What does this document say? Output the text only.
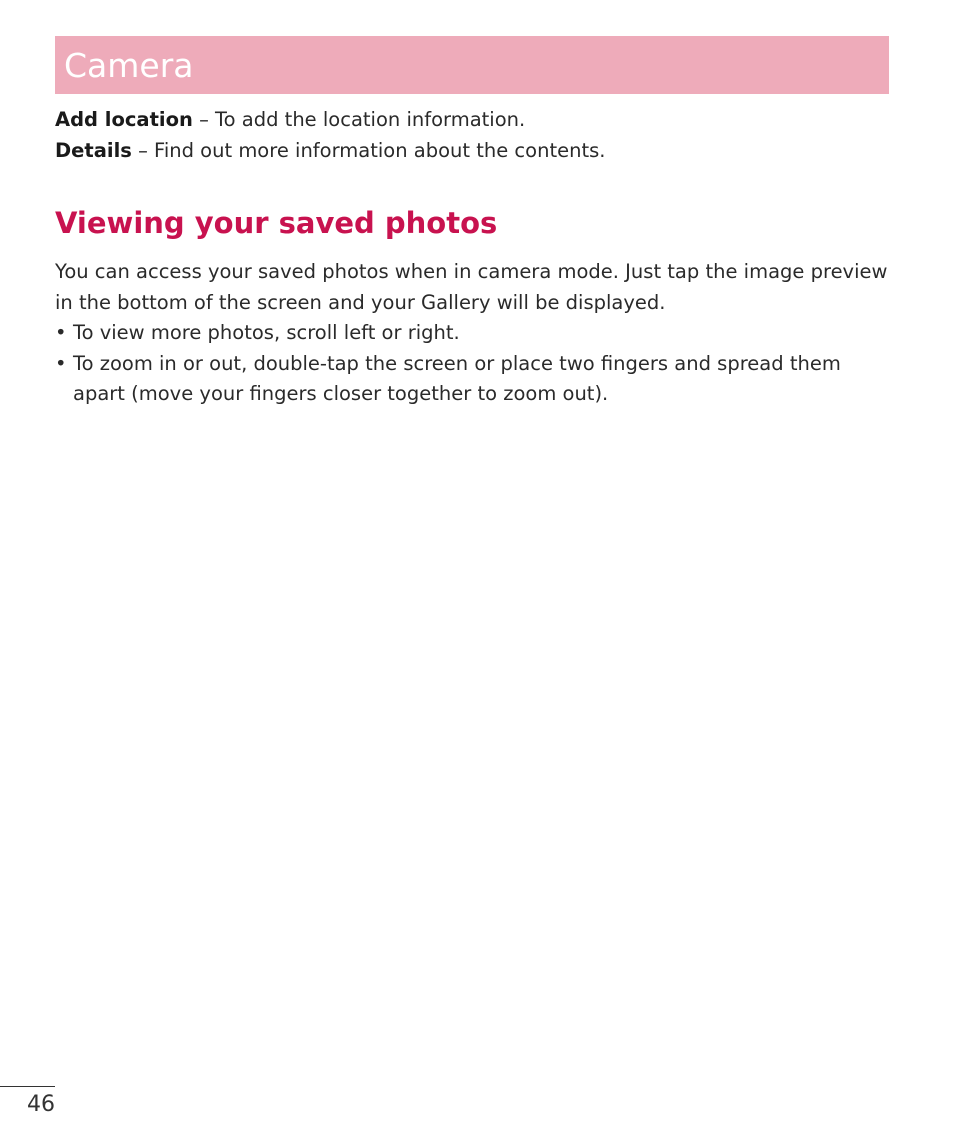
Camera
Add location – To add the location information.
Details – Find out more information about the contents.
Viewing your saved photos

You can access your saved photos when in camera mode. Just tap the image preview in the bottom of the screen and your Gallery will be displayed.

• To view more photos, scroll left or right.
• To zoom in or out, double-tap the screen or place two fingers and spread them apart (move your fingers closer together to zoom out).
46
